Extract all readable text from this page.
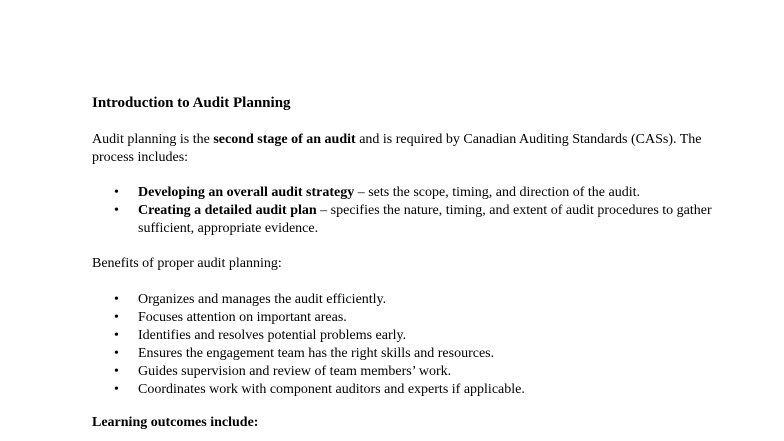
Introduction to Audit Planning

Audit planning is the second stage of an audit and is required by Canadian Auditing Standards (CASs). The process includes:

• Developing an overall audit strategy – sets the scope, timing, and direction of the audit.
• Creating a detailed audit plan – specifies the nature, timing, and extent of audit procedures to gather sufficient, appropriate evidence.
Benefits of proper audit planning:
• Organizes and manages the audit efficiently.
• Focuses attention on important areas.
• Identifies and resolves potential problems early.
• Ensures the engagement team has the right skills and resources.
• Guides supervision and review of team members’ work.
• Coordinates work with component auditors and experts if applicable.
Learning outcomes include:
